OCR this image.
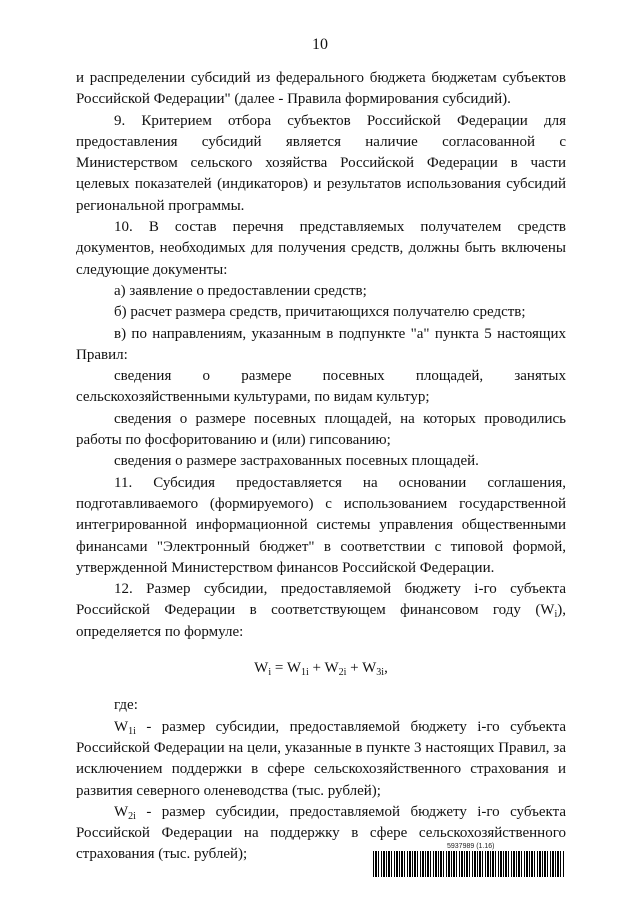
10

и распределении субсидий из федерального бюджета бюджетам субъектов Российской Федерации" (далее - Правила формирования субсидий).

9. Критерием отбора субъектов Российской Федерации для предоставления субсидий является наличие согласованной с Министерством сельского хозяйства Российской Федерации в части целевых показателей (индикаторов) и результатов использования субсидий региональной программы.

10. В состав перечня представляемых получателем средств документов, необходимых для получения средств, должны быть включены следующие документы:

а) заявление о предоставлении средств;

б) расчет размера средств, причитающихся получателю средств;

в) по направлениям, указанным в подпункте "а" пункта 5 настоящих Правил:

сведения о размере посевных площадей, занятых сельскохозяйственными культурами, по видам культур;

сведения о размере посевных площадей, на которых проводились работы по фосфоритованию и (или) гипсованию;

сведения о размере застрахованных посевных площадей.

11. Субсидия предоставляется на основании соглашения, подготавливаемого (формируемого) с использованием государственной интегрированной информационной системы управления общественными финансами "Электронный бюджет" в соответствии с типовой формой, утвержденной Министерством финансов Российской Федерации.

12. Размер субсидии, предоставляемой бюджету i-го субъекта Российской Федерации в соответствующем финансовом году $(W_i)$, определяется по формуле:

$W_i = W_{1i} + W_{2i} + W_{3i}$,

где:

$W_{1i}$ - размер субсидии, предоставляемой бюджету i-го субъекта Российской Федерации на цели, указанные в пункте 3 настоящих Правил, за исключением поддержки в сфере сельскохозяйственного страхования и развития северного оленеводства (тыс. рублей);

$W_{2i}$ - размер субсидии, предоставляемой бюджету i-го субъекта Российской Федерации на поддержку в сфере сельскохозяйственного страхования (тыс. рублей);	5937989 (1.16)
